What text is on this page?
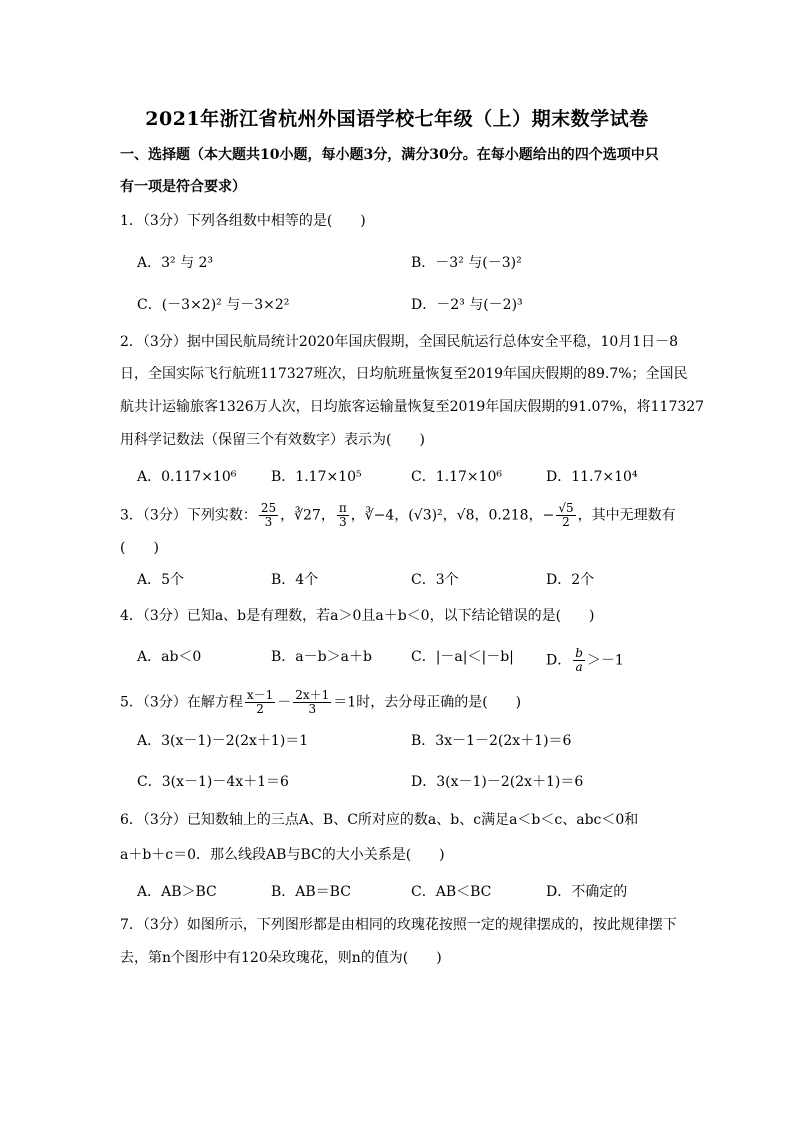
2021年浙江省杭州外国语学校七年级（上）期末数学试卷
一、选择题（本大题共10小题，每小题3分，满分30分。在每小题给出的四个选项中只
有一项是符合要求）
1．（3分）下列各组数中相等的是(　　)
A．3² 与 2³	B．－3² 与(－3)²
C．(－3×2)² 与－3×2²	D．－2³ 与(－2)³
2．（3分）据中国民航局统计2020年国庆假期，全国民航运行总体安全平稳，10月1日－8
日，全国实际飞行航班117327班次，日均航班量恢复至2019年国庆假期的89.7%；全国民
航共计运输旅客1326万人次，日均旅客运输量恢复至2019年国庆假期的91.07%，将117327
用科学记数法（保留三个有效数字）表示为(　　)
A．0.117×10⁶ B．1.17×10⁵	C．1.17×10⁶	D．11.7×10⁴
3．（3分）下列实数： $\frac{25}{3}$ ，∛27， $\frac{\pi}{3}$ ，∛−4，(√3)²，√8，0.2̇18̇，− $\frac{√5}{2}$ ，其中无理数有
(　　)
A．5个	B．4个	C．3个	D．2个
4．（3分）已知a、b是有理数，若a＞0且a＋b＜0，以下结论错误的是(　　)
A．ab＜0	B．a－b＞a＋b	C．|－a|＜|－b| D． $\frac{b}{a} >-1$
5．（3分）在解方程 $\frac{x-1}{2} - \frac{2x+1}{3} =1$时，去分母正确的是(　　)
A．3(x－1)－2(2x＋1)＝1	B．3x－1－2(2x＋1)＝6
C．3(x－1)－4x＋1＝6	D．3(x－1)－2(2x＋1)＝6
6．（3分）已知数轴上的三点A、B、C所对应的数a、b、c满足a＜b＜c、abc＜0和
a＋b＋c＝0．那么线段AB与BC的大小关系是(　　)
A．AB＞BC	B．AB＝BC	C．AB＜BC	D．不确定的
7．（3分）如图所示，下列图形都是由相同的玫瑰花按照一定的规律摆成的，按此规律摆下
去，第n个图形中有120朵玫瑰花，则n的值为(　　)
